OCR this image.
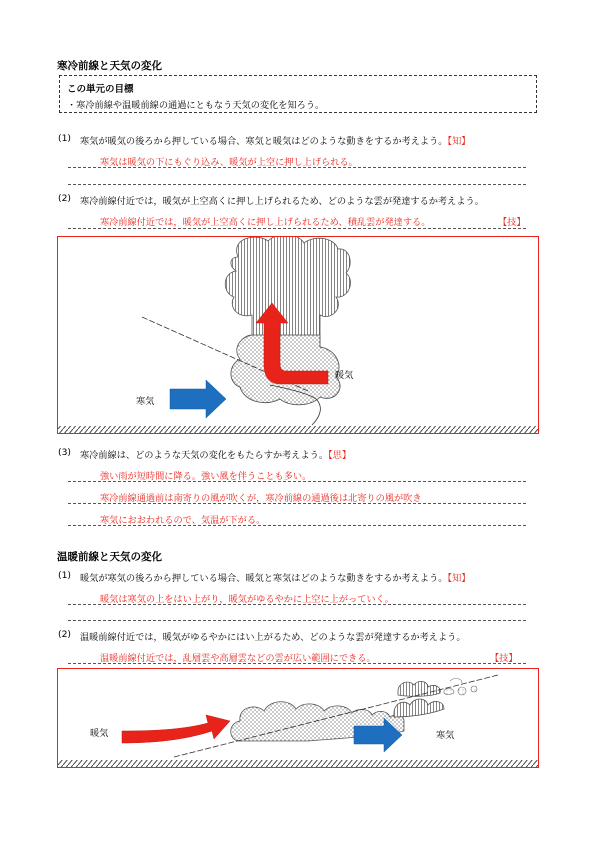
寒冷前線と天気の変化
この単元の目標
・寒冷前線や温暖前線の通過にともなう天気の変化を知ろう。
(1) 寒気が暖気の後ろから押している場合、寒気と暖気はどのような動きをするか考えよう。【知】
寒気は暖気の下にもぐり込み、暖気が上空に押し上げられる。
(2) 寒冷前線付近では，暖気が上空高くに押し上げられるため、どのような雲が発達するか考えよう。
寒冷前線付近では，暖気が上空高くに押し上げられるため、積乱雲が発達する。	【技】
暖気
寒気
(3) 寒冷前線は、どのような天気の変化をもたらすか考えよう。【思】
強い雨が短時間に降る。強い風を伴うことも多い。
寒冷前線通過前は南寄りの風が吹くが，寒冷前線の通過後は北寄りの風が吹き
寒気におおわれるので、気温が下がる。
温暖前線と天気の変化
(1) 暖気が寒気の後ろから押している場合、暖気と寒気はどのような動きをするか考えよう。【知】
暖気は寒気の上をはい上がり，暖気がゆるやかに上空に上がっていく。
(2) 温暖前線付近では，暖気がゆるやかにはい上がるため、どのような雲が発達するか考えよう。
温暖前線付近では，乱層雲や高層雲などの雲が広い範囲にできる。	【技】
暖気	寒気
